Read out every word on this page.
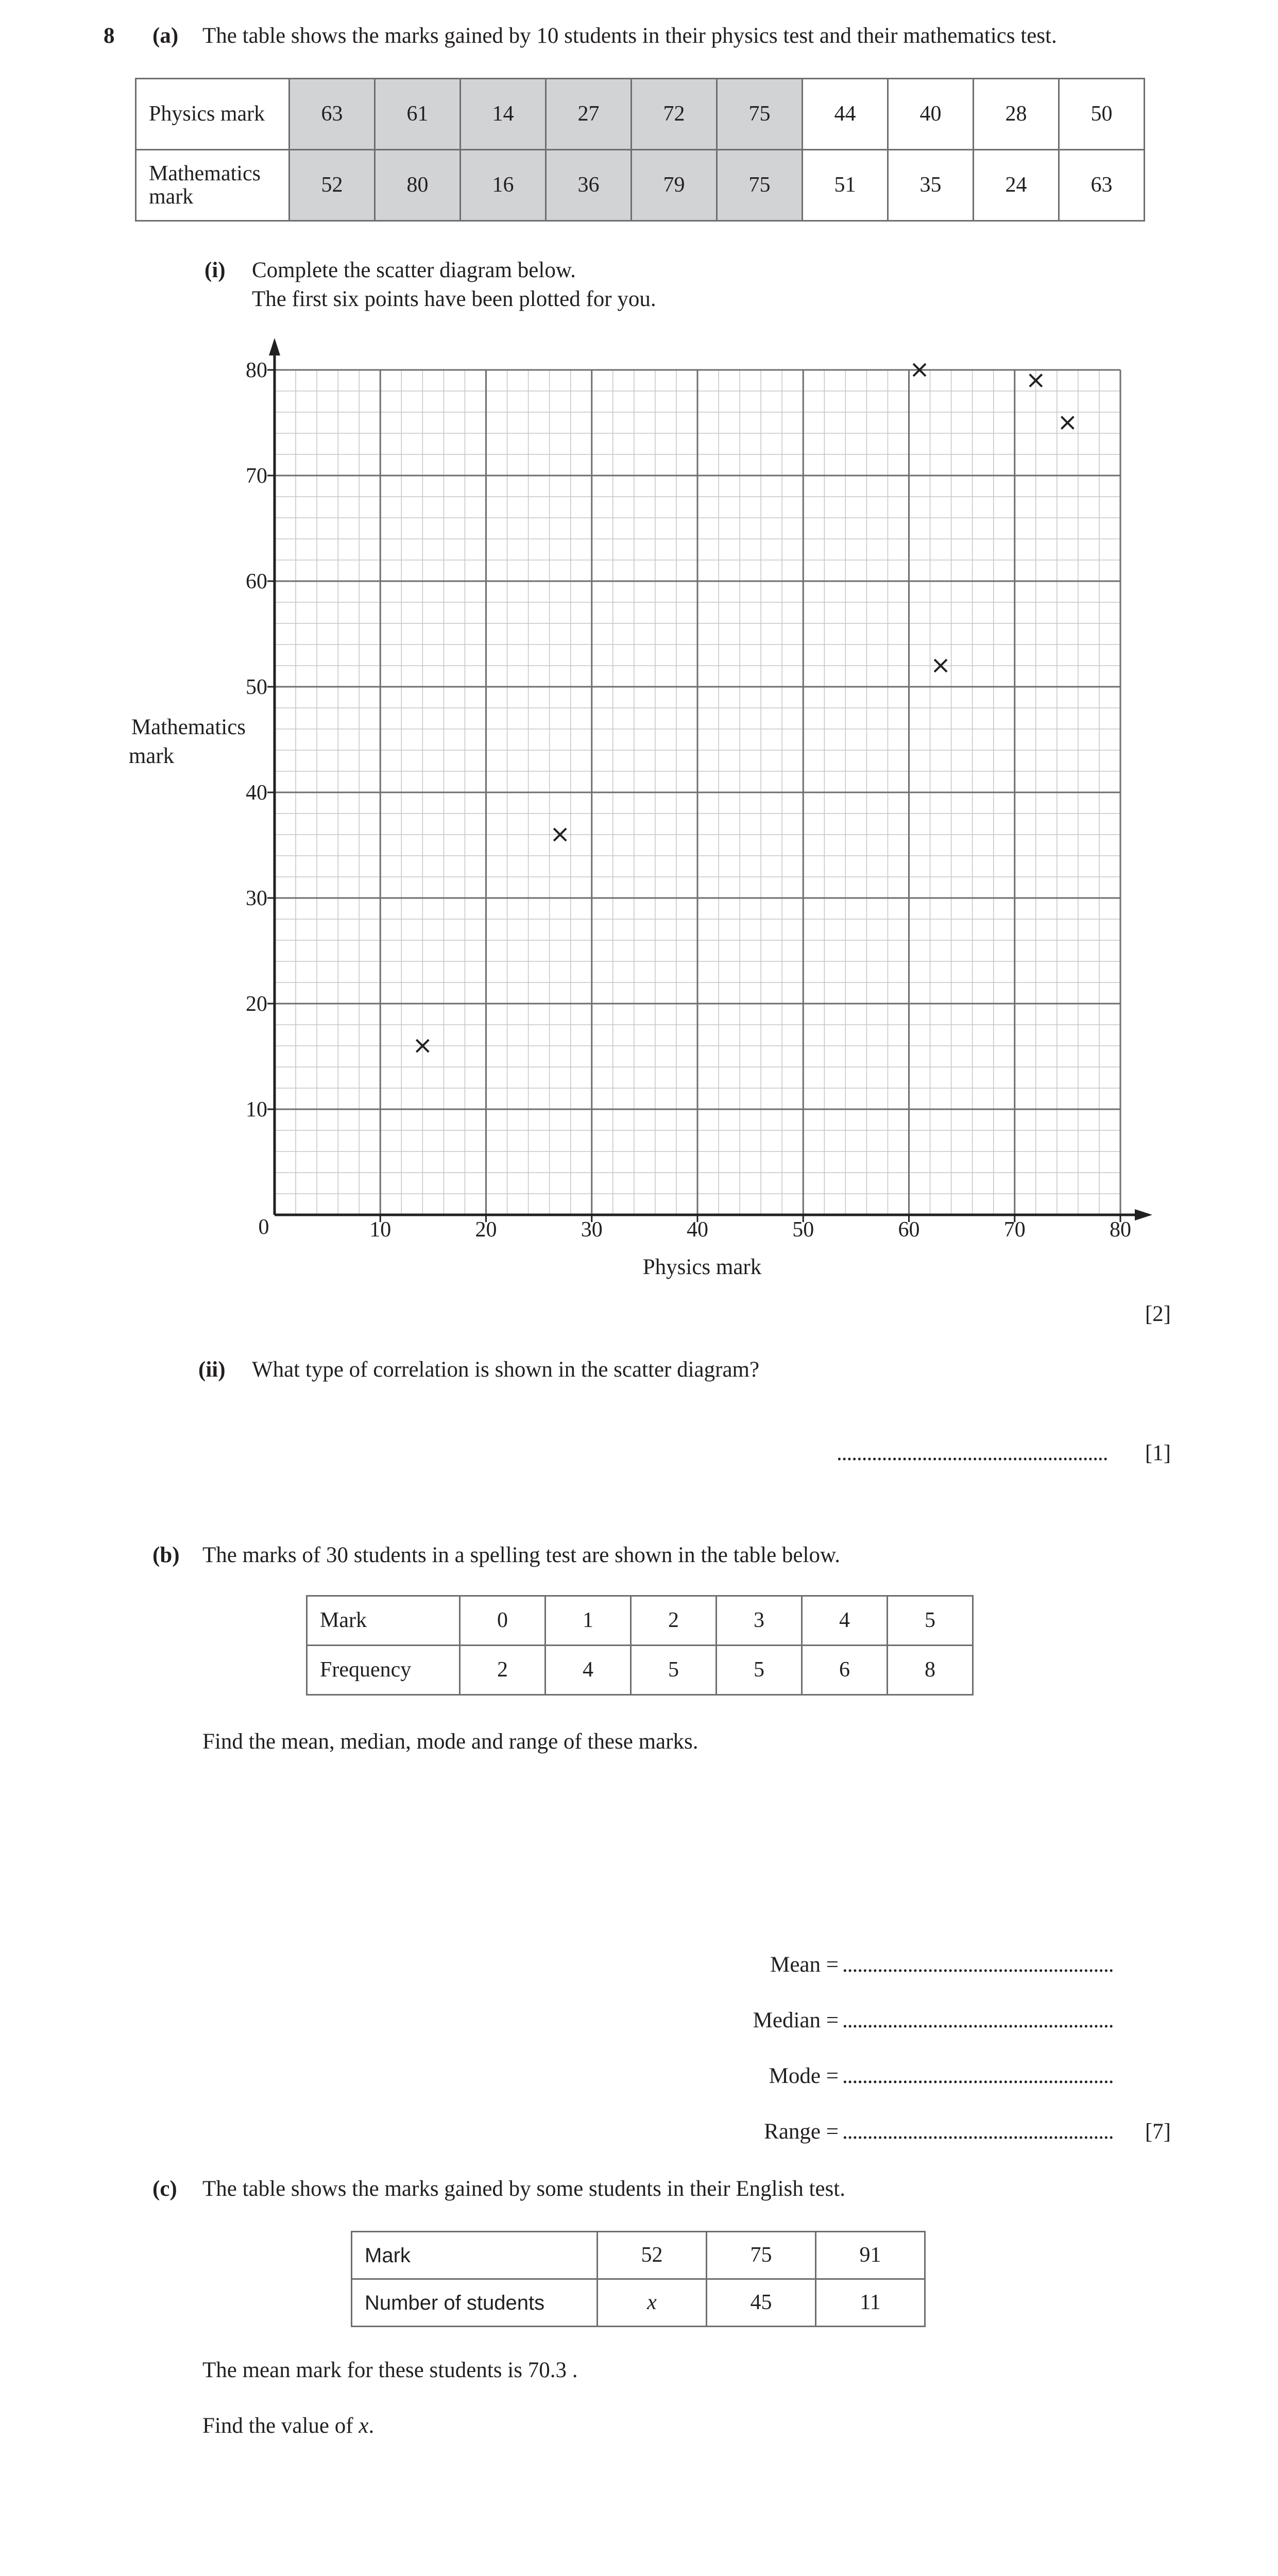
8 (a) The table shows the marks gained by 10 students in their physics test and their mathematics test.
Physics mark	63	61	14	27	72	75	44	40	28	50
Mathematics mark	52	80	16	36	79	75	51	35	24	63
(i) Complete the scatter diagram below.
The first six points have been plotted for you.
10	20	30	40	50	60	70	80
10
20
30
40
50
60
70
80
0
Physics mark
Mathematics
mark
[2]
(ii) What type of correlation is shown in the scatter diagram?
...................................................... [1]
(b) The marks of 30 students in a spelling test are shown in the table below.
Mark	0	1	2	3	4	5
Frequency	2	4	5	5	6	8
Find the mean, median, mode and range of these marks.
Mean = ......................................................
Median = ......................................................
Mode = ......................................................
Range = ...................................................... [7]
(c) The table shows the marks gained by some students in their English test.
Mark	52	75	91
Number of students	x	45	11
The mean mark for these students is 70.3 .
Find the value of x.
